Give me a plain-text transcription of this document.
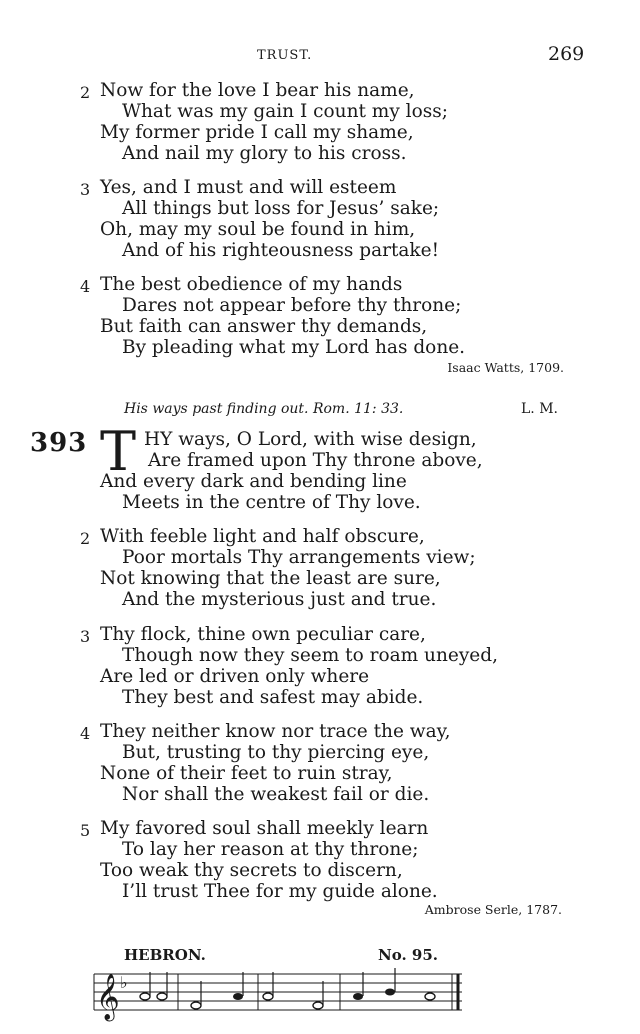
TRUST.	269
2 Now for the love I bear his name,
What was my gain I count my loss;
My former pride I call my shame,
And nail my glory to his cross.
3 Yes, and I must and will esteem
All things but loss for Jesus’ sake;
Oh, may my soul be found in him,
And of his righteousness partake!
4 The best obedience of my hands
Dares not appear before thy throne;
But faith can answer thy demands,
By pleading what my Lord has done.
Isaac Watts, 1709.
His ways past finding out. Rom. 11: 33.	L. M.
393 T HY ways, O Lord, with wise design,
Are framed upon Thy throne above,
And every dark and bending line
Meets in the centre of Thy love.
2 With feeble light and half obscure,
Poor mortals Thy arrangements view;
Not knowing that the least are sure,
And the mysterious just and true.
3 Thy flock, thine own peculiar care,
Though now they seem to roam uneyed,
Are led or driven only where
They best and safest may abide.
4 They neither know nor trace the way,
But, trusting to thy piercing eye,
None of their feet to ruin stray,
Nor shall the weakest fail or die.
5 My favored soul shall meekly learn
To lay her reason at thy throne;
Too weak thy secrets to discern,
I’ll trust Thee for my guide alone.
Ambrose Serle, 1787.
HEBRON.	No. 95.
𝄞 ♭
